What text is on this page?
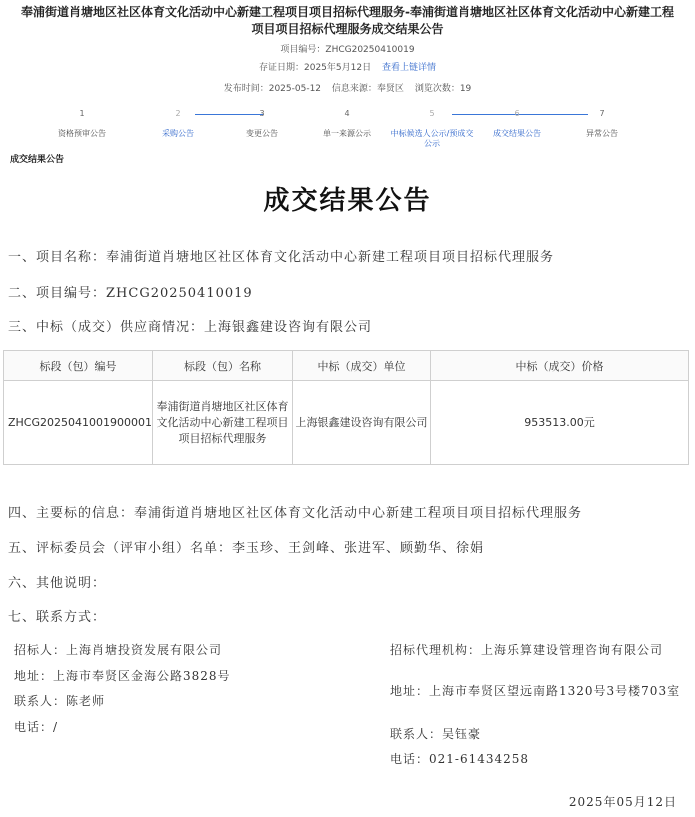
奉浦街道肖塘地区社区体育文化活动中心新建工程项目项目招标代理服务-奉浦街道肖塘地区社区体育文化活动中心新建工程项目项目招标代理服务成交结果公告
项目编号：ZHCG20250410019
存证日期：2025年5月12日 查看上链详情
发布时间：2025-05-12 信息来源：奉贤区 浏览次数：19
1
资格预审公告
2
采购公告
3
变更公告
4
单一来源公示
5
中标候选人公示/预成交公示
6
成交结果公告
7
异常公告
成交结果公告
成交结果公告
一、项目名称：奉浦街道肖塘地区社区体育文化活动中心新建工程项目项目招标代理服务
二、项目编号：ZHCG20250410019
三、中标（成交）供应商情况：上海银鑫建设咨询有限公司
标段（包）编号	标段（包）名称	中标（成交）单位	中标（成交）价格
ZHCG2025041001900001	奉浦街道肖塘地区社区体育文化活动中心新建工程项目项目招标代理服务	上海银鑫建设咨询有限公司	953513.00元
四、主要标的信息：奉浦街道肖塘地区社区体育文化活动中心新建工程项目项目招标代理服务
五、评标委员会（评审小组）名单：李玉珍、王剑峰、张进军、顾勤华、徐娟
六、其他说明：
七、联系方式：
招标人：上海肖塘投资发展有限公司
地址：上海市奉贤区金海公路3828号
联系人：陈老师
电话：/
招标代理机构：上海乐算建设管理咨询有限公司
地址：上海市奉贤区望远南路1320号3号楼703室
联系人：吴钰豪
电话：021-61434258
2025年05月12日
